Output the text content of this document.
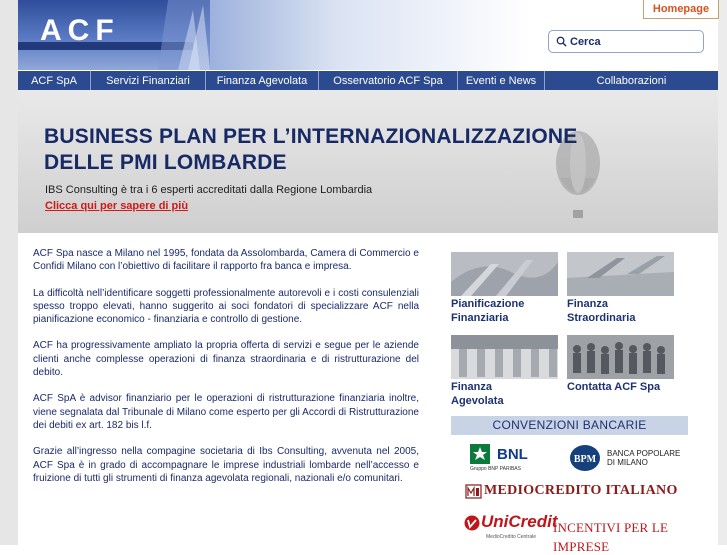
ACF
Homepage
Cerca
ACF SpA	Servizi Finanziari	Finanza Agevolata	Osservatorio ACF Spa	Eventi e News	Collaborazioni
BUSINESS PLAN PER L’INTERNAZIONALIZZAZIONE
DELLE PMI LOMBARDE
IBS Consulting è tra i 6 esperti accreditati dalla Regione Lombardia
Clicca qui per sapere di più

ACF Spa nasce a Milano nel 1995, fondata da Assolombarda, Camera di Commercio e Confidi Milano con l’obiettivo di facilitare il rapporto fra banca e impresa.

La difficoltà nell’identificare soggetti professionalmente autorevoli e i costi consulenziali spesso troppo elevati, hanno suggerito ai soci fondatori di specializzare ACF nella pianificazione economico - finanziaria e controllo di gestione.

ACF ha progressivamente ampliato la propria offerta di servizi e segue per le aziende clienti anche complesse operazioni di finanza straordinaria e di ristrutturazione del debito.

ACF SpA è advisor finanziario per le operazioni di ristrutturazione finanziaria inoltre, viene segnalata dal Tribunale di Milano come esperto per gli Accordi di Ristrutturazione dei debiti ex art. 182 bis l.f.

Grazie all’ingresso nella compagine societaria di Ibs Consulting, avvenuta nel 2005, ACF Spa è in grado di accompagnare le imprese industriali lombarde nell’accesso e fruizione di tutti gli strumenti di finanza agevolata regionali, nazionali e/o comunitari.

Pianificazione
Finanziaria
Finanza
Straordinaria
Finanza
Agevolata
Contatta ACF Spa
CONVENZIONI BANCARIE
BNL
Gruppo BNP PARIBAS
BPM
BANCA POPOLARE
DI MILANO
MEDIOCREDITO ITALIANO
UniCredit
MedioCredito Centrale
INCENTIVI PER LE IMPRESE
